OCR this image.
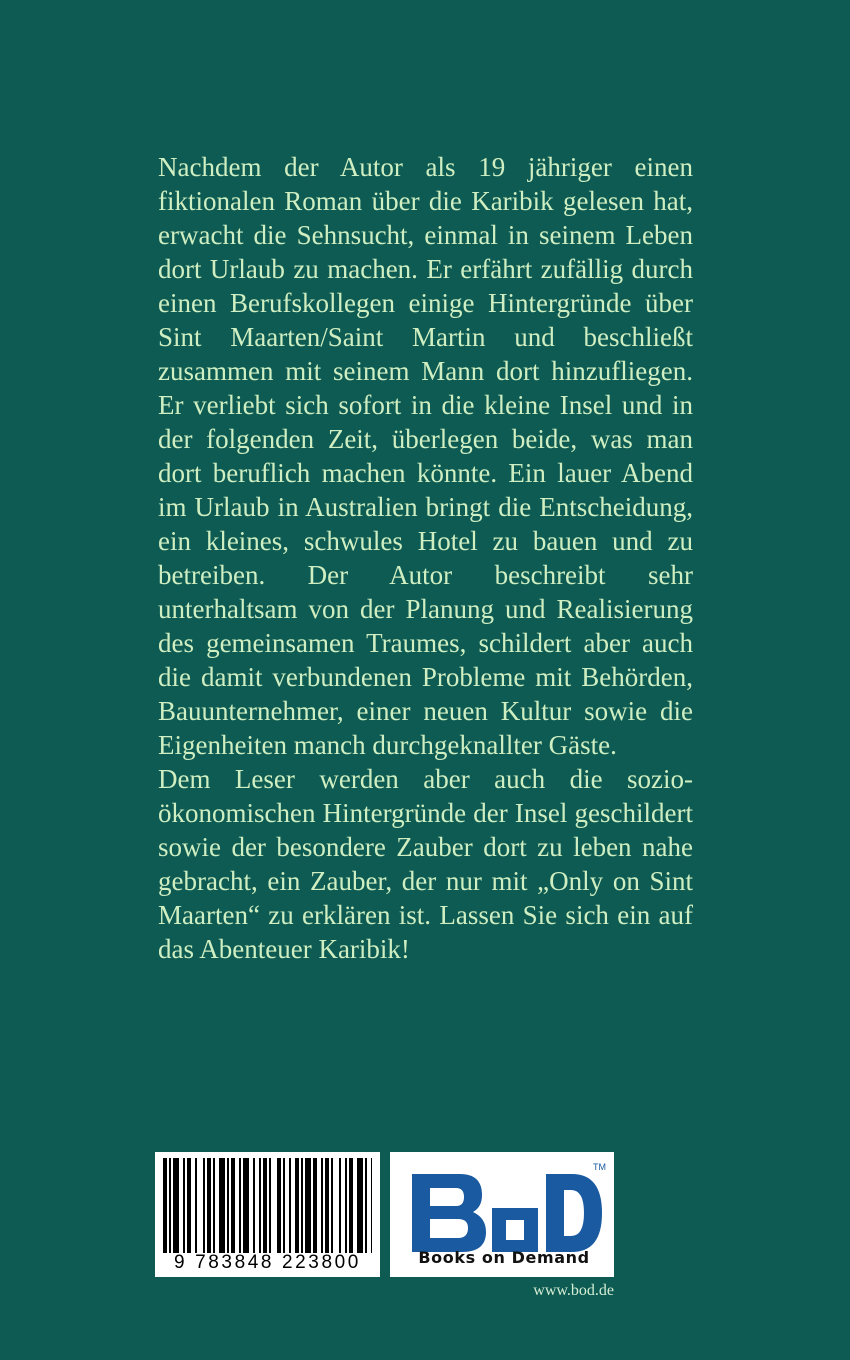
Nachdem der Autor als 19 jähriger einen fiktionalen Roman über die Karibik gelesen hat, erwacht die Sehnsucht, einmal in seinem Leben dort Urlaub zu machen. Er erfährt zufällig durch einen Berufskollegen einige Hintergründe über Sint Maarten/Saint Martin und beschließt zusammen mit seinem Mann dort hinzufliegen. Er verliebt sich sofort in die kleine Insel und in der folgenden Zeit, überlegen beide, was man dort beruflich machen könnte. Ein lauer Abend im Urlaub in Australien bringt die Entscheidung, ein kleines, schwules Hotel zu bauen und zu betreiben. Der Autor beschreibt sehr unterhaltsam von der Planung und Realisierung des gemeinsamen Traumes, schildert aber auch die damit verbundenen Probleme mit Behörden, Bauunternehmer, einer neuen Kultur sowie die Eigenheiten manch durchgeknallter Gäste.

Dem Leser werden aber auch die sozio-ökonomischen Hintergründe der Insel geschildert sowie der besondere Zauber dort zu leben nahe gebracht, ein Zauber, der nur mit „Only on Sint Maarten“ zu erklären ist. Lassen Sie sich ein auf das Abenteuer Karibik!

9 783848 223800
TM
Books on Demand
www.bod.de
